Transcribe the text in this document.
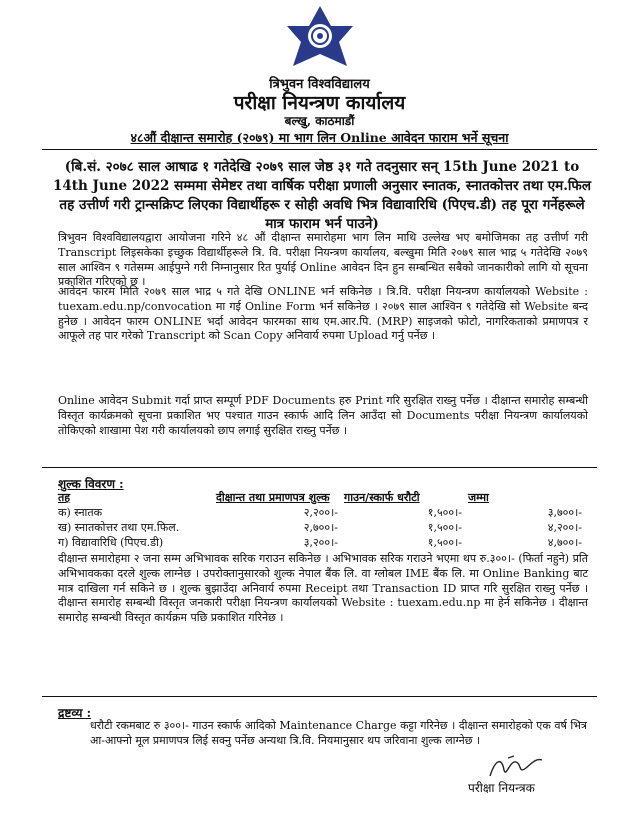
त्रिभुवन विश्वविद्यालय
परीक्षा नियन्त्रण कार्यालय
बल्खु, काठमाडौं
४८औं दीक्षान्त समारोह (२०७९) मा भाग लिन Online आवेदन फाराम भर्ने सूचना
(बि.सं. २०७८ साल आषाढ १ गतेदेखि २०७९ साल जेष्ठ ३१ गते तदनुसार सन् 15th June 2021 to 14th June 2022 सम्ममा सेमेष्टर तथा वार्षिक परीक्षा प्रणाली अनुसार स्नातक, स्नातकोत्तर तथा एम.फिल तह उत्तीर्ण गरी ट्रान्सक्रिप्ट लिएका विद्यार्थीहरू र सोही अवधि भित्र विद्यावारिधि (पिएच.डी) तह पूरा गर्नेहरूले मात्र फाराम भर्न पाउने)
त्रिभुवन विश्वविद्यालयद्वारा आयोजना गरिने ४८ औं दीक्षान्त समारोहमा भाग लिन माथि उल्लेख भए बमोजिमका तह उत्तीर्ण गरी Transcript लिइसकेका इच्छुक विद्यार्थीहरूले त्रि. वि. परीक्षा नियन्त्रण कार्यालय, बल्खुमा मिति २०७९ साल भाद्र ५ गतेदेखि २०७९ साल आश्विन ९ गतेसम्म आईपुग्ने गरी निम्नानुसार रित पुर्याई Online आवेदन दिन हुन सम्बन्धित सबैको जानकारीको लागि यो सूचना प्रकाशित गरिएको छ ।
आवेदन फारम मिति २०७९ साल भाद्र ५ गते देखि ONLINE भर्न सकिनेछ । त्रि.वि. परीक्षा नियन्त्रण कार्यालयको Website : tuexam.edu.np/convocation मा गई Online Form भर्न सकिनेछ । २०७९ साल आश्विन ९ गतेदेखि सो Website बन्द हुनेछ । आवेदन फारम ONLINE भर्दा आवेदन फारमका साथ एम.आर.पि. (MRP) साइजको फोटो, नागरिकताको प्रमाणपत्र र आफूले तह पार गरेको Transcript को Scan Copy अनिवार्य रुपमा Upload गर्नु पर्नेछ ।
Online आवेदन Submit गर्दा प्राप्त सम्पूर्ण PDF Documents हरु Print गरि सुरक्षित राख्नु पर्नेछ । दीक्षान्त समारोह सम्बन्धी विस्तृत कार्यक्रमको सूचना प्रकाशित भए पश्चात गाउन स्कार्फ आदि लिन आउँदा सो Documents परीक्षा नियन्त्रण कार्यालयको तोकिएको शाखामा पेश गरी कार्यालयको छाप लगाई सुरक्षित राख्नु पर्नेछ ।
शुल्क विवरण :
तह	दीक्षान्त तथा प्रमाणपत्र शुल्क	गाउन/स्कार्फ धरौटी	जम्मा
क) स्नातक	२,२००।-	१,५००।-	३,७००।-
ख) स्नातकोत्तर तथा एम.फिल.	२,७००।-	१,५००।-	४,२००।-
ग) विद्यावारिधि (पिएच.डी)	३,२००।-	१,५००।-	४,७००।-
दीक्षान्त समारोहमा २ जना सम्म अभिभावक सरिक गराउन सकिनेछ । अभिभावक सरिक गराउने भएमा थप रु.३००।- (फिर्ता नहुने) प्रति अभिभावकका दरले शुल्क लाग्नेछ । उपरोक्तानुसारको शुल्क नेपाल बैंक लि. वा ग्लोबल IME बैंक लि. मा Online Banking बाट मात्र दाखिला गर्न सकिने छ । शुल्क बुझाउँदा अनिवार्य रुपमा Receipt तथा Transaction ID प्राप्त गरि सुरक्षित राख्नु पर्नेछ । दीक्षान्त समारोह सम्बन्धी विस्तृत जनकारी परीक्षा नियन्त्रण कार्यालयको Website : tuexam.edu.np मा हेर्न सकिनेछ । दीक्षान्त समारोह सम्बन्धी विस्तृत कार्यक्रम पछि प्रकाशित गरिनेछ ।
द्रष्टव्य :
धरौटी रकमबाट रु ३००।- गाउन स्कार्फ आदिको Maintenance Charge कट्टा गरिनेछ । दीक्षान्त समारोहको एक वर्ष भित्र आ-आफ्नो मूल प्रमाणपत्र लिई सक्नु पर्नेछ अन्यथा त्रि.वि. नियमानुसार थप जरिवाना शुल्क लाग्नेछ ।
परीक्षा नियन्त्रक
